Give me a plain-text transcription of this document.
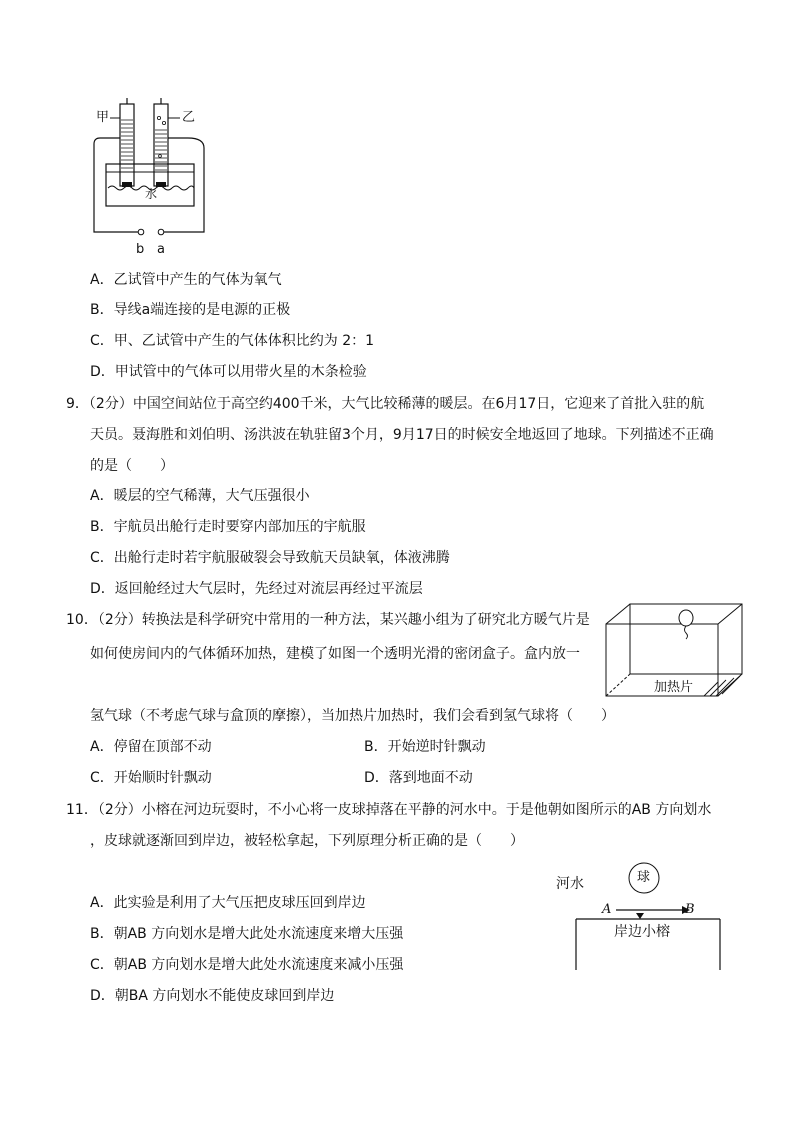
甲	乙
水
b a
A．乙试管中产生的气体为氧气
B．导线a端连接的是电源的正极
C．甲、乙试管中产生的气体体积比约为 2：1
D．甲试管中的气体可以用带火星的木条检验
9．（2分）中国空间站位于高空约400千米，大气比较稀薄的暖层。在6月17日，它迎来了首批入驻的航
天员。聂海胜和刘伯明、汤洪波在轨驻留3个月，9月17日的时候安全地返回了地球。下列描述不正确
的是（　　）
A．暖层的空气稀薄，大气压强很小
B．宇航员出舱行走时要穿内部加压的宇航服
C．出舱行走时若宇航服破裂会导致航天员缺氧，体液沸腾
D．返回舱经过大气层时，先经过对流层再经过平流层
10．（2分）转换法是科学研究中常用的一种方法，某兴趣小组为了研究北方暖气片是
如何使房间内的气体循环加热，建模了如图一个透明光滑的密闭盒子。盒内放一
氢气球（不考虑气球与盒顶的摩擦），当加热片加热时，我们会看到氢气球将（　　）
加热片
A．停留在顶部不动	B．开始逆时针飘动
C．开始顺时针飘动	D．落到地面不动
11．（2分）小榕在河边玩耍时，不小心将一皮球掉落在平静的河水中。于是他朝如图所示的AB 方向划水
，皮球就逐渐回到岸边，被轻松拿起，下列原理分析正确的是（　　）
河水	球
A	B
岸边小榕
A．此实验是利用了大气压把皮球压回到岸边
B．朝AB 方向划水是增大此处水流速度来增大压强
C．朝AB 方向划水是增大此处水流速度来减小压强
D．朝BA 方向划水不能使皮球回到岸边
